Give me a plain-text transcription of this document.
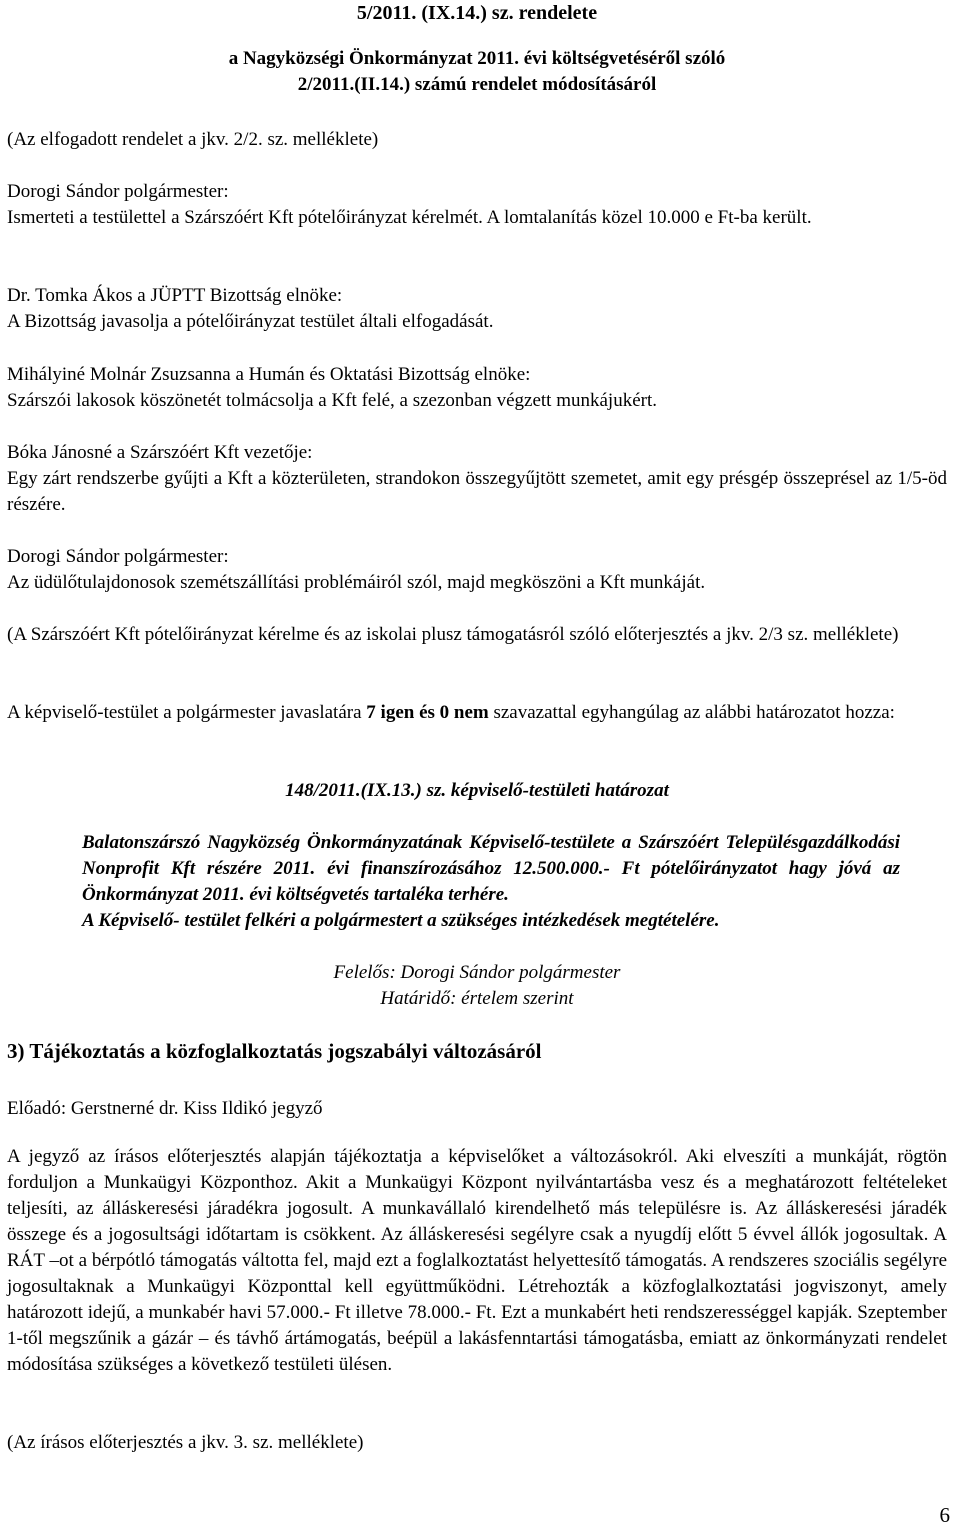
5/2011. (IX.14.) sz. rendelete

a Nagyközségi Önkormányzat 2011. évi költségvetéséről szóló

2/2011.(II.14.) számú rendelet módosításáról

(Az elfogadott rendelet a jkv. 2/2. sz. melléklete)

Dorogi Sándor polgármester:
Ismerteti a testülettel a Szárszóért Kft pótelőirányzat kérelmét. A lomtalanítás közel 10.000 e Ft-ba került.
Dr. Tomka Ákos a JÜPTT Bizottság elnöke:
A Bizottság javasolja a pótelőirányzat testület általi elfogadását.
Mihályiné Molnár Zsuzsanna a Humán és Oktatási Bizottság elnöke:
Szárszói lakosok köszönetét tolmácsolja a Kft felé, a szezonban végzett munkájukért.
Bóka Jánosné a Szárszóért Kft vezetője:
Egy zárt rendszerbe gyűjti a Kft a közterületen, strandokon összegyűjtött szemetet, amit egy présgép összeprésel az 1/5-öd részére.
Dorogi Sándor polgármester:
Az üdülőtulajdonosok szemétszállítási problémáiról szól, majd megköszöni a Kft munkáját.

(A Szárszóért Kft pótelőirányzat kérelme és az iskolai plusz támogatásról szóló előterjesztés a jkv. 2/3 sz. melléklete)

A képviselő-testület a polgármester javaslatára 7 igen és 0 nem szavazattal egyhangúlag az alábbi határozatot hozza:

148/2011.(IX.13.) sz. képviselő-testületi határozat
Balatonszárszó Nagyközség Önkormányzatának Képviselő-testülete a Szárszóért Településgazdálkodási Nonprofit Kft részére 2011. évi finanszírozásához 12.500.000.- Ft pótelőirányzatot hagy jóvá az Önkormányzat 2011. évi költségvetés tartaléka terhére.
A Képviselő- testület felkéri a polgármestert a szükséges intézkedések megtételére.
Felelős: Dorogi Sándor polgármester
Határidő: értelem szerint
3) Tájékoztatás a közfoglalkoztatás jogszabályi változásáról
Előadó: Gerstnerné dr. Kiss Ildikó jegyző

A jegyző az írásos előterjesztés alapján tájékoztatja a képviselőket a változásokról. Aki elveszíti a munkáját, rögtön forduljon a Munkaügyi Központhoz. Akit a Munkaügyi Központ nyilvántartásba vesz és a meghatározott feltételeket teljesíti, az álláskeresési járadékra jogosult. A munkavállaló kirendelhető más településre is. Az álláskeresési járadék összege és a jogosultsági időtartam is csökkent. Az álláskeresési segélyre csak a nyugdíj előtt 5 évvel állók jogosultak. A RÁT –ot a bérpótló támogatás váltotta fel, majd ezt a foglalkoztatást helyettesítő támogatás. A rendszeres szociális segélyre jogosultaknak a Munkaügyi Központtal kell együttműködni. Létrehozták a közfoglalkoztatási jogviszonyt, amely határozott idejű, a munkabér havi 57.000.- Ft illetve 78.000.- Ft. Ezt a munkabért heti rendszerességgel kapják. Szeptember 1-től megszűnik a gázár – és távhő ártámogatás, beépül a lakásfenntartási támogatásba, emiatt az önkormányzati rendelet módosítása szükséges a következő testületi ülésen.

(Az írásos előterjesztés a jkv. 3. sz. melléklete)

6
